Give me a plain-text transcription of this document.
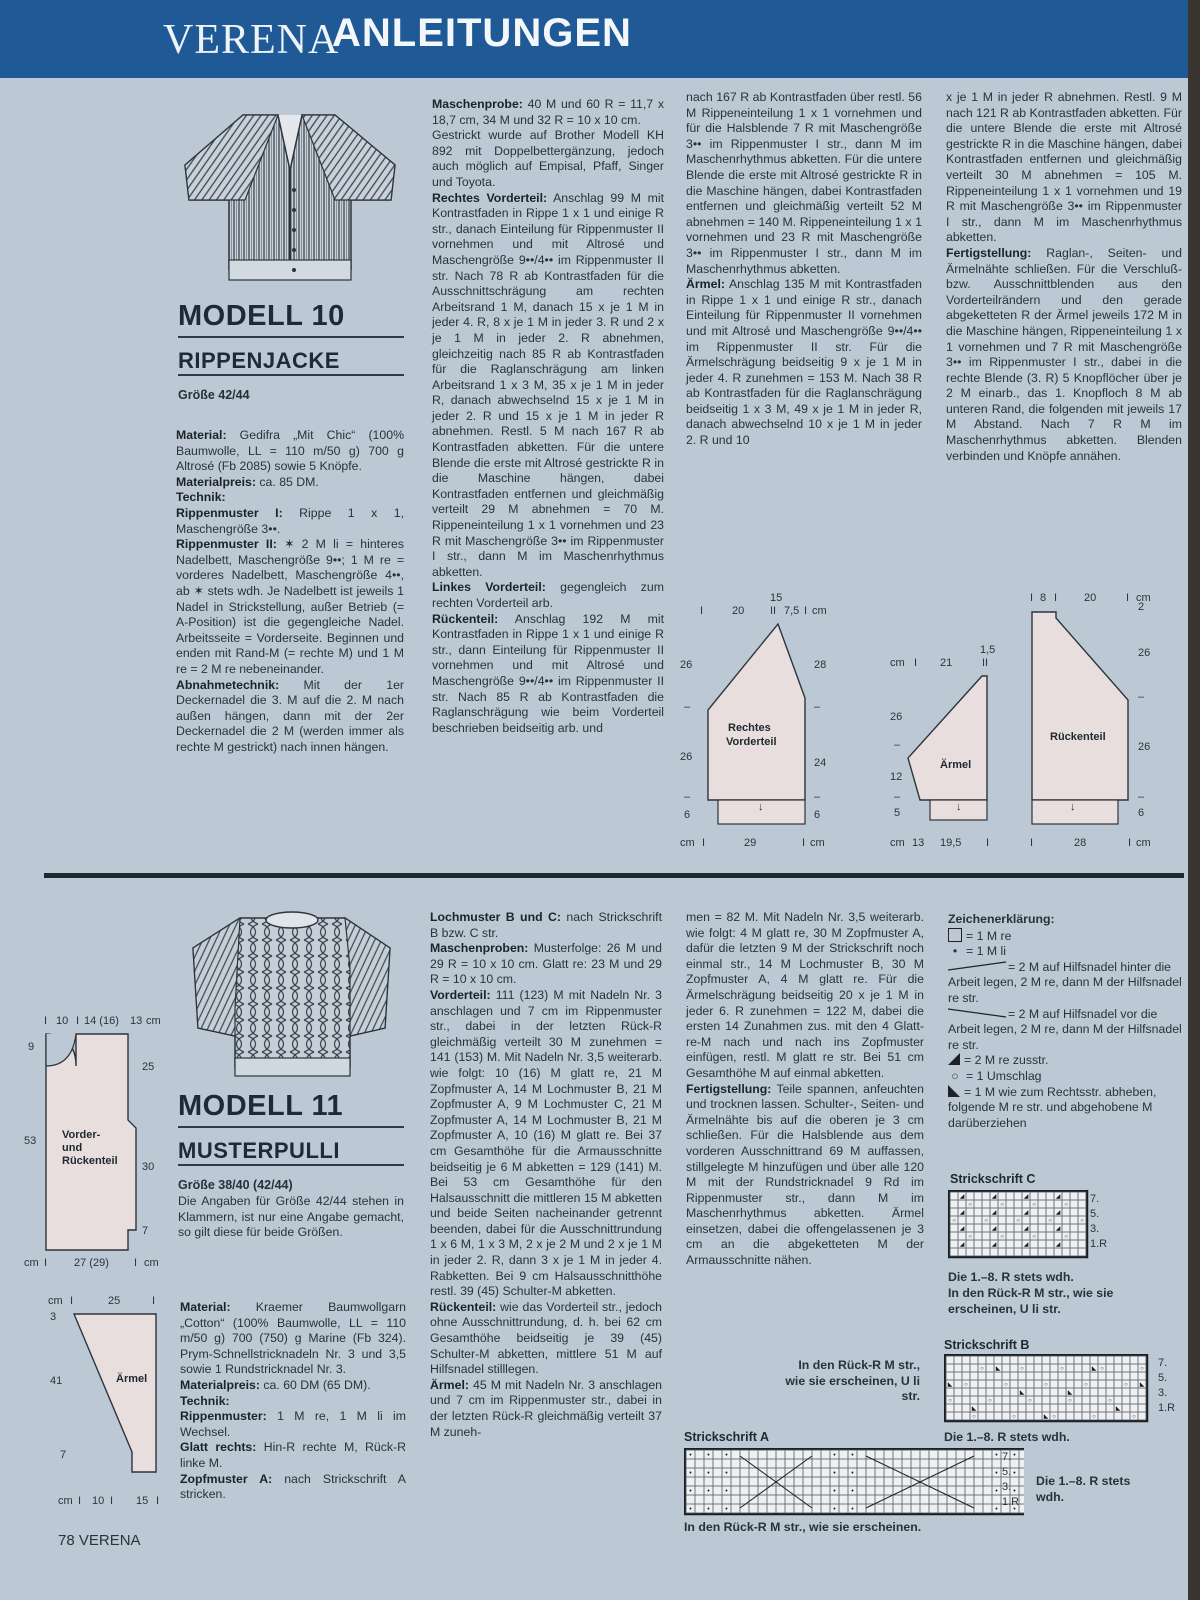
VERENA
ANLEITUNGEN
MODELL 10
RIPPENJACKE
Größe 42/44

Material: Gedifra „Mit Chic“ (100% Baumwolle, LL = 110 m/50 g) 700 g Altrosé (Fb 2085) sowie 5 Knöpfe.

Materialpreis: ca. 85 DM.

Technik:

Rippenmuster I: Rippe 1 x 1, Maschengröße 3••.

Rippenmuster II: ✶ 2 M li = hinteres Nadelbett, Maschengröße 9••; 1 M re = vorderes Nadelbett, Maschengröße 4••, ab ✶ stets wdh. Je Nadelbett ist jeweils 1 Nadel in Strickstellung, außer Betrieb (= A-Position) ist die gegengleiche Nadel. Arbeitsseite = Vorderseite. Beginnen und enden mit Rand-M (= rechte M) und 1 M re = 2 M re nebeneinander.

Abnahmetechnik: Mit der 1er Deckernadel die 3. M auf die 2. M nach außen hängen, dann mit der 2er Deckernadel die 2 M (werden immer als rechte M gestrickt) nach innen hängen.

Maschenprobe: 40 M und 60 R = 11,7 x 18,7 cm, 34 M und 32 R = 10 x 10 cm.

Gestrickt wurde auf Brother Modell KH 892 mit Doppelbettergänzung, jedoch auch möglich auf Empisal, Pfaff, Singer und Toyota.

Rechtes Vorderteil: Anschlag 99 M mit Kontrastfaden in Rippe 1 x 1 und einige R str., danach Einteilung für Rippenmuster II vornehmen und mit Altrosé und Maschengröße 9••/4•• im Rippenmuster II str. Nach 78 R ab Kontrastfaden für die Ausschnittschrägung am rechten Arbeitsrand 1 M, danach 15 x je 1 M in jeder 4. R, 8 x je 1 M in jeder 3. R und 2 x je 1 M in jeder 2. R abnehmen, gleichzeitig nach 85 R ab Kontrastfaden für die Raglanschrägung am linken Arbeitsrand 1 x 3 M, 35 x je 1 M in jeder R, danach abwechselnd 15 x je 1 M in jeder 2. R und 15 x je 1 M in jeder R abnehmen. Restl. 5 M nach 167 R ab Kontrastfaden abketten. Für die untere Blende die erste mit Altrosé gestrickte R in die Maschine hängen, dabei Kontrastfaden entfernen und gleichmäßig verteilt 29 M abnehmen = 70 M. Rippeneinteilung 1 x 1 vornehmen und 23 R mit Maschengröße 3•• im Rippenmuster I str., dann M im Maschenrhythmus abketten.

Linkes Vorderteil: gegengleich zum rechten Vorderteil arb.

Rückenteil: Anschlag 192 M mit Kontrastfaden in Rippe 1 x 1 und einige R str., dann Einteilung für Rippenmuster II vornehmen und mit Altrosé und Maschengröße 9••/4•• im Rippenmuster II str. Nach 85 R ab Kontrastfaden die Raglanschrägung wie beim Vorderteil beschrieben beidseitig arb. und

nach 167 R ab Kontrastfaden über restl. 56 M Rippeneinteilung 1 x 1 vornehmen und für die Halsblende 7 R mit Maschengröße 3•• im Rippenmuster I str., dann M im Maschenrhythmus abketten. Für die untere Blende die erste mit Altrosé gestrickte R in die Maschine hängen, dabei Kontrastfaden entfernen und gleichmäßig verteilt 52 M abnehmen = 140 M. Rippeneinteilung 1 x 1 vornehmen und 23 R mit Maschengröße 3•• im Rippenmuster I str., dann M im Maschenrhythmus abketten.

Ärmel: Anschlag 135 M mit Kontrastfaden in Rippe 1 x 1 und einige R str., danach Einteilung für Rippenmuster II vornehmen und mit Altrosé und Maschengröße 9••/4•• im Rippenmuster II str. Für die Ärmelschrägung beidseitig 9 x je 1 M in jeder 4. R zunehmen = 153 M. Nach 38 R ab Kontrastfaden für die Raglanschrägung beidseitig 1 x 3 M, 49 x je 1 M in jeder R, danach abwechselnd 10 x je 1 M in jeder 2. R und 10

x je 1 M in jeder R abnehmen. Restl. 9 M nach 121 R ab Kontrastfaden abketten. Für die untere Blende die erste mit Altrosé gestrickte R in die Maschine hängen, dabei Kontrastfaden entfernen und gleichmäßig verteilt 30 M abnehmen = 105 M. Rippeneinteilung 1 x 1 vornehmen und 19 R mit Maschengröße 3•• im Rippenmuster I str., dann M im Maschenrhythmus abketten.

Fertigstellung: Raglan-, Seiten- und Ärmelnähte schließen. Für die Verschluß- bzw. Ausschnittblenden aus den Vorderteilrändern und den gerade abgeketteten R der Ärmel jeweils 172 M in die Maschine hängen, Rippeneinteilung 1 x 1 vornehmen und 7 R mit Maschengröße 3•• im Rippenmuster I str., dabei in die rechte Blende (3. R) 5 Knopflöcher über je 2 M einarb., das 1. Knopfloch 8 M ab unteren Rand, die folgenden mit jeweils 17 M Abstand. Nach 7 R M im Maschenrhythmus abketten. Blenden verbinden und Knöpfe annähen.

I	20
15
II 7,5 I cm
↓
Rechtes
Vorderteil
26
–
26
–
6
28
–
24
–
6
cm I	29	I cm
cm I 21
1,5
II
↓
Ärmel
26
–
12
–
5
cm 13 19,5 I
I 8 I 20	I cm
↓
Rückenteil
2
26
–
26
–
6
I	28	I cm
MODELL 11
MUSTERPULLI
Größe 38/40 (42/44)
Die Angaben für Größe 42/44 stehen in Klammern, ist nur eine Angabe gemacht, so gilt diese für beide Größen.

Material: Kraemer Baumwollgarn „Cotton“ (100% Baumwolle, LL = 110 m/50 g) 700 (750) g Marine (Fb 324). Prym-Schnellstricknadeln Nr. 3 und 3,5 sowie 1 Rundstricknadel Nr. 3.

Materialpreis: ca. 60 DM (65 DM).

Technik:

Rippenmuster: 1 M re, 1 M li im Wechsel.

Glatt rechts: Hin-R rechte M, Rück-R linke M.

Zopfmuster A: nach Strickschrift A stricken.

Lochmuster B und C: nach Strickschrift B bzw. C str.

Maschenproben: Musterfolge: 26 M und 29 R = 10 x 10 cm. Glatt re: 23 M und 29 R = 10 x 10 cm.

Vorderteil: 111 (123) M mit Nadeln Nr. 3 anschlagen und 7 cm im Rippenmuster str., dabei in der letzten Rück-R gleichmäßig verteilt 30 M zunehmen = 141 (153) M. Mit Nadeln Nr. 3,5 weiterarb. wie folgt: 10 (16) M glatt re, 21 M Zopfmuster A, 14 M Lochmuster B, 21 M Zopfmuster A, 9 M Lochmuster C, 21 M Zopfmuster A, 14 M Lochmuster B, 21 M Zopfmuster A, 10 (16) M glatt re. Bei 37 cm Gesamthöhe für die Armausschnitte beidseitig je 6 M abketten = 129 (141) M. Bei 53 cm Gesamthöhe für den Halsausschnitt die mittleren 15 M abketten und beide Seiten nacheinander getrennt beenden, dabei für die Ausschnittrundung 1 x 6 M, 1 x 3 M, 2 x je 2 M und 2 x je 1 M in jeder 2. R, dann 3 x je 1 M in jeder 4. Rabketten. Bei 9 cm Halsausschnitthöhe restl. 39 (45) Schulter-M abketten.

Rückenteil: wie das Vorderteil str., jedoch ohne Ausschnittrundung, d. h. bei 62 cm Gesamthöhe beidseitig je 39 (45) Schulter-M abketten, mittlere 51 M auf Hilfsnadel stilllegen.

Ärmel: 45 M mit Nadeln Nr. 3 anschlagen und 7 cm im Rippenmuster str., dabei in der letzten Rück-R gleichmäßig verteilt 37 M zuneh-

men = 82 M. Mit Nadeln Nr. 3,5 weiterarb. wie folgt: 4 M glatt re, 30 M Zopfmuster A, dafür die letzten 9 M der Strickschrift noch einmal str., 14 M Lochmuster B, 30 M Zopfmuster A, 4 M glatt re. Für die Ärmelschrägung beidseitig 20 x je 1 M in jeder 6. R zunehmen = 122 M, dabei die ersten 14 Zunahmen zus. mit den 4 Glatt-re-M nach und nach ins Zopfmuster einfügen, restl. M glatt re str. Bei 51 cm Gesamthöhe M auf einmal abketten.

Fertigstellung: Teile spannen, anfeuchten und trocknen lassen. Schulter-, Seiten- und Ärmelnähte bis auf die oberen je 3 cm schließen. Für die Halsblende aus dem vorderen Ausschnittrand 69 M auffassen, stillgelegte M hinzufügen und über alle 120 M mit der Rundstricknadel 9 Rd im Rippenmuster str., dann M im Maschenrhythmus abketten. Ärmel einsetzen, dabei die offengelassenen je 3 cm an die abgeketteten M der Armausschnitte nähen.

In den Rück-R M str., wie sie erscheinen, U li str.
I 10 I 14 (16) 13 cm
Vorder-
und
Rückenteil
9
53
25
30
7
cm I 27 (29) I cm
cm I	25	I
Ärmel
3
41
7
cm I 10 I 15 I
Zeichenerklärung:
= 1 M re
• = 1 M li
= 2 M auf Hilfsnadel hinter die Arbeit legen, 2 M re, dann M der Hilfsnadel re str.
= 2 M auf Hilfsnadel vor die Arbeit legen, 2 M re, dann M der Hilfsnadel re str.
= 2 M re zusstr.
○ = 1 Umschlag
= 1 M wie zum Rechtsstr. abheben, folgende M re str. und abgehobene M darüberziehen
Strickschrift C
◢	◢	◢	◢
○	○	○	○
◢	◢	◢	◢
○	○	○	○	○
◢	◢	◢	◢
○	○	○	○
◢	◢	◢	◢
7.
5.
3.
1.R
Die 1.–8. R stets wdh.
In den Rück-R M str., wie sie erscheinen, U li str.
Strickschrift B
○ ◣	○	○	◣ ○	○
◣ ○	○	○	○	○ ◣
◣	◣
○	○	○	○	○
◣	◣
○	○	◣ ○	○	○
7.
5.
3.
1.R
Die 1.–8. R stets wdh.
Strickschrift A
• • •	• •	• •
• • •	• •	• •
• • •	• •	• •
• • •	• •	• •
7.
5.
3.
1.R
Die 1.–8. R stets wdh.
In den Rück-R M str., wie sie erscheinen.
78 VERENA
